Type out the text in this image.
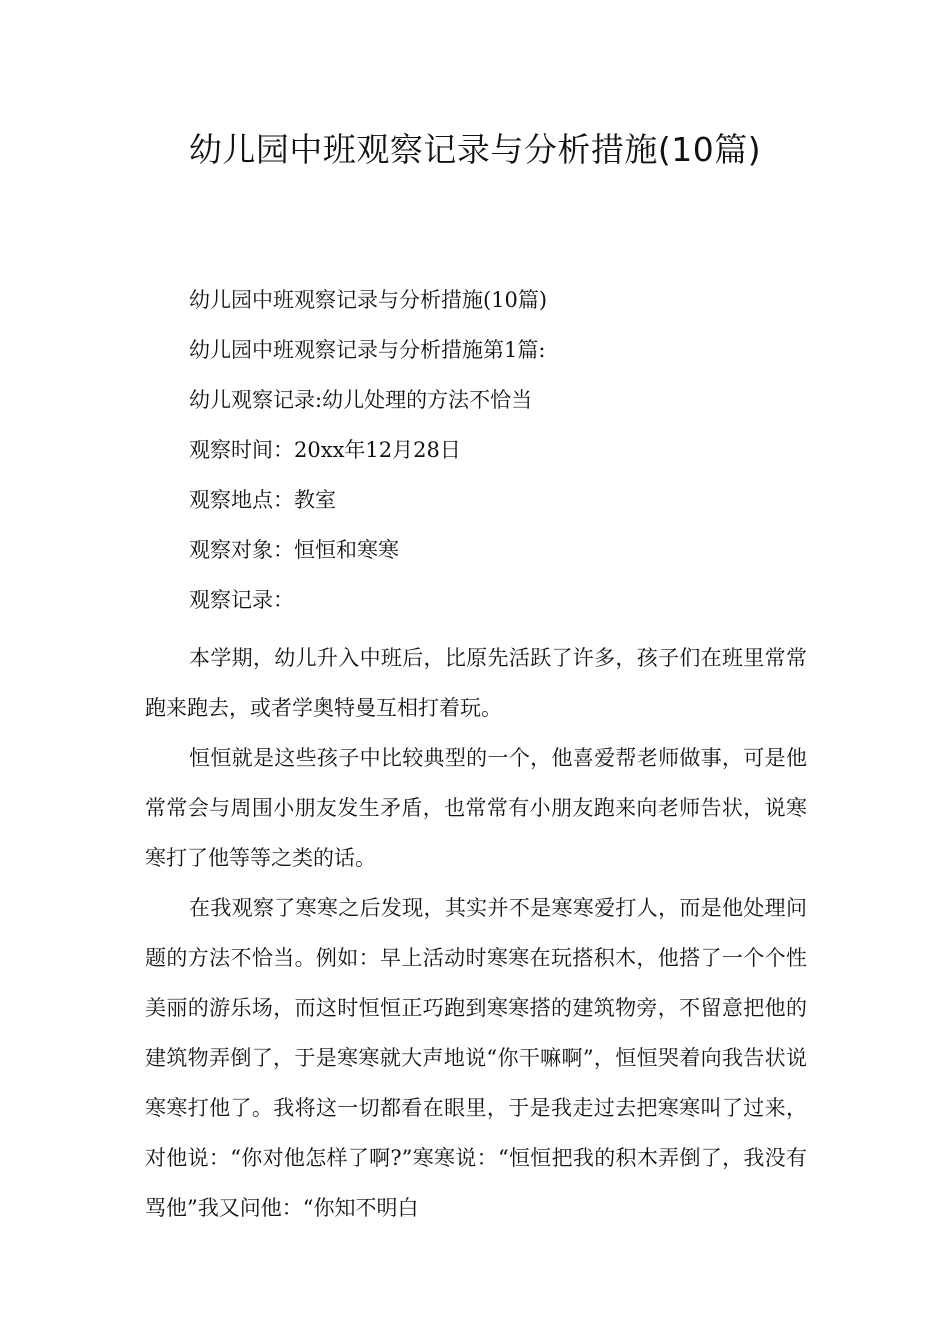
幼儿园中班观察记录与分析措施(10篇)

幼儿园中班观察记录与分析措施(10篇)

幼儿园中班观察记录与分析措施第1篇:

幼儿观察记录:幼儿处理的方法不恰当

观察时间：20xx年12月28日

观察地点：教室

观察对象：恒恒和寒寒

观察记录：

本学期，幼儿升入中班后，比原先活跃了许多，孩子们在班里常常跑来跑去，或者学奥特曼互相打着玩。

恒恒就是这些孩子中比较典型的一个，他喜爱帮老师做事，可是他常常会与周围小朋友发生矛盾，也常常有小朋友跑来向老师告状，说寒寒打了他等等之类的话。

在我观察了寒寒之后发现，其实并不是寒寒爱打人，而是他处理问题的方法不恰当。例如：早上活动时寒寒在玩搭积木，他搭了一个个性美丽的游乐场，而这时恒恒正巧跑到寒寒搭的建筑物旁，不留意把他的建筑物弄倒了，于是寒寒就大声地说“你干嘛啊”，恒恒哭着向我告状说寒寒打他了。我将这一切都看在眼里，于是我走过去把寒寒叫了过来，对他说：“你对他怎样了啊?”寒寒说：“恒恒把我的积木弄倒了，我没有骂他”我又问他：“你知不明白
